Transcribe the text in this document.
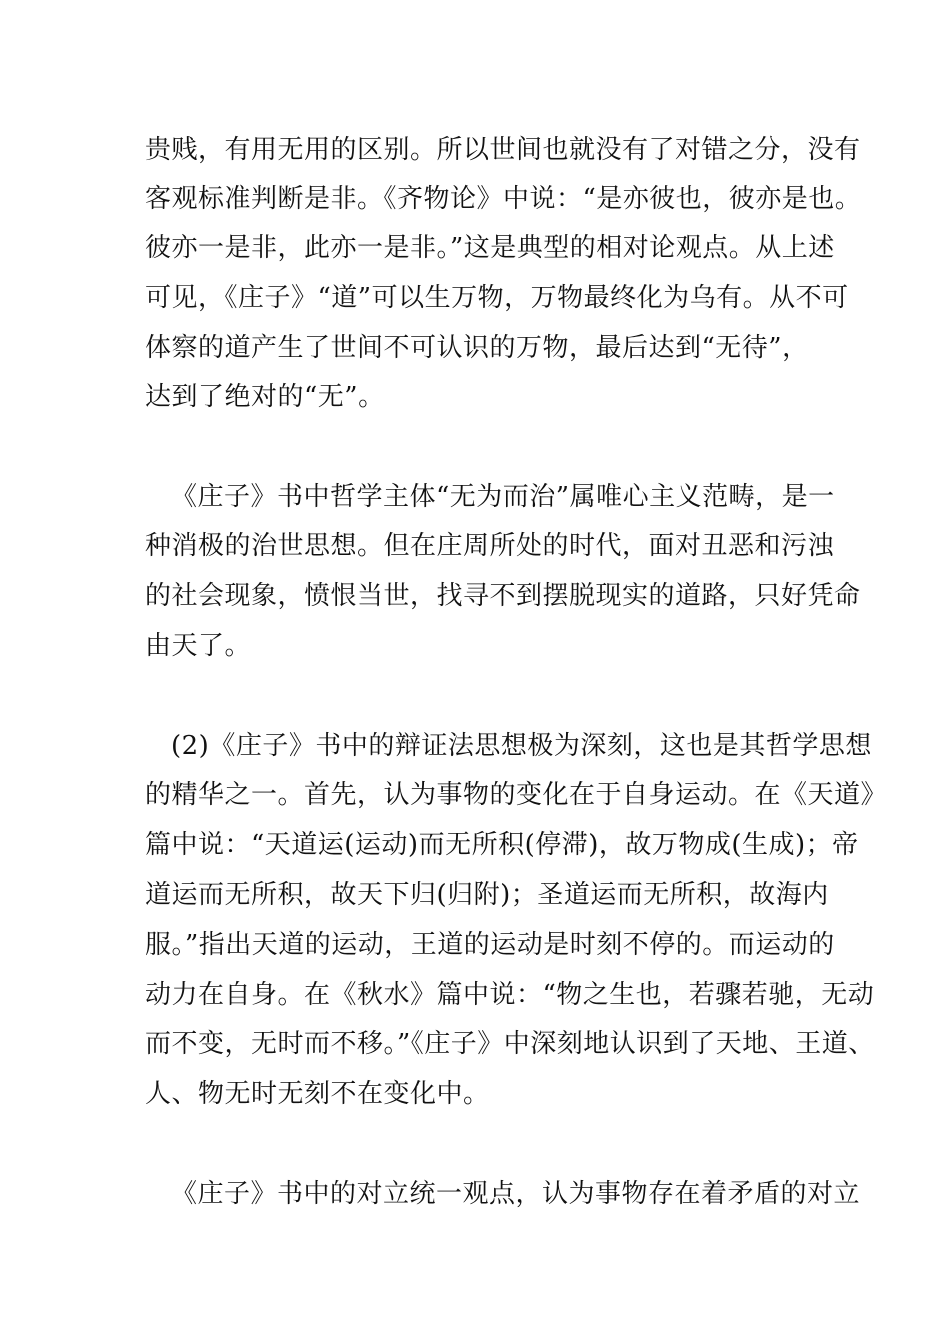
贵贱，有用无用的区别。所以世间也就没有了对错之分，没有
客观标准判断是非。《齐物论》中说：“是亦彼也，彼亦是也。
彼亦一是非，此亦一是非。”这是典型的相对论观点。从上述
可见，《庄子》“道”可以生万物，万物最终化为乌有。从不可
体察的道产生了世间不可认识的万物，最后达到“无待”，
达到了绝对的“无”。
《庄子》书中哲学主体“无为而治”属唯心主义范畴，是一
种消极的治世思想。但在庄周所处的时代，面对丑恶和污浊
的社会现象，愤恨当世，找寻不到摆脱现实的道路，只好凭命
由天了。
(2)《庄子》书中的辩证法思想极为深刻，这也是其哲学思想
的精华之一。首先，认为事物的变化在于自身运动。在《天道》
篇中说：“天道运(运动)而无所积(停滞)，故万物成(生成)；帝
道运而无所积，故天下归(归附)；圣道运而无所积，故海内
服。”指出天道的运动，王道的运动是时刻不停的。而运动的
动力在自身。在《秋水》篇中说：“物之生也，若骤若驰，无动
而不变，无时而不移。”《庄子》中深刻地认识到了天地、王道、
人、物无时无刻不在变化中。
《庄子》书中的对立统一观点，认为事物存在着矛盾的对立
